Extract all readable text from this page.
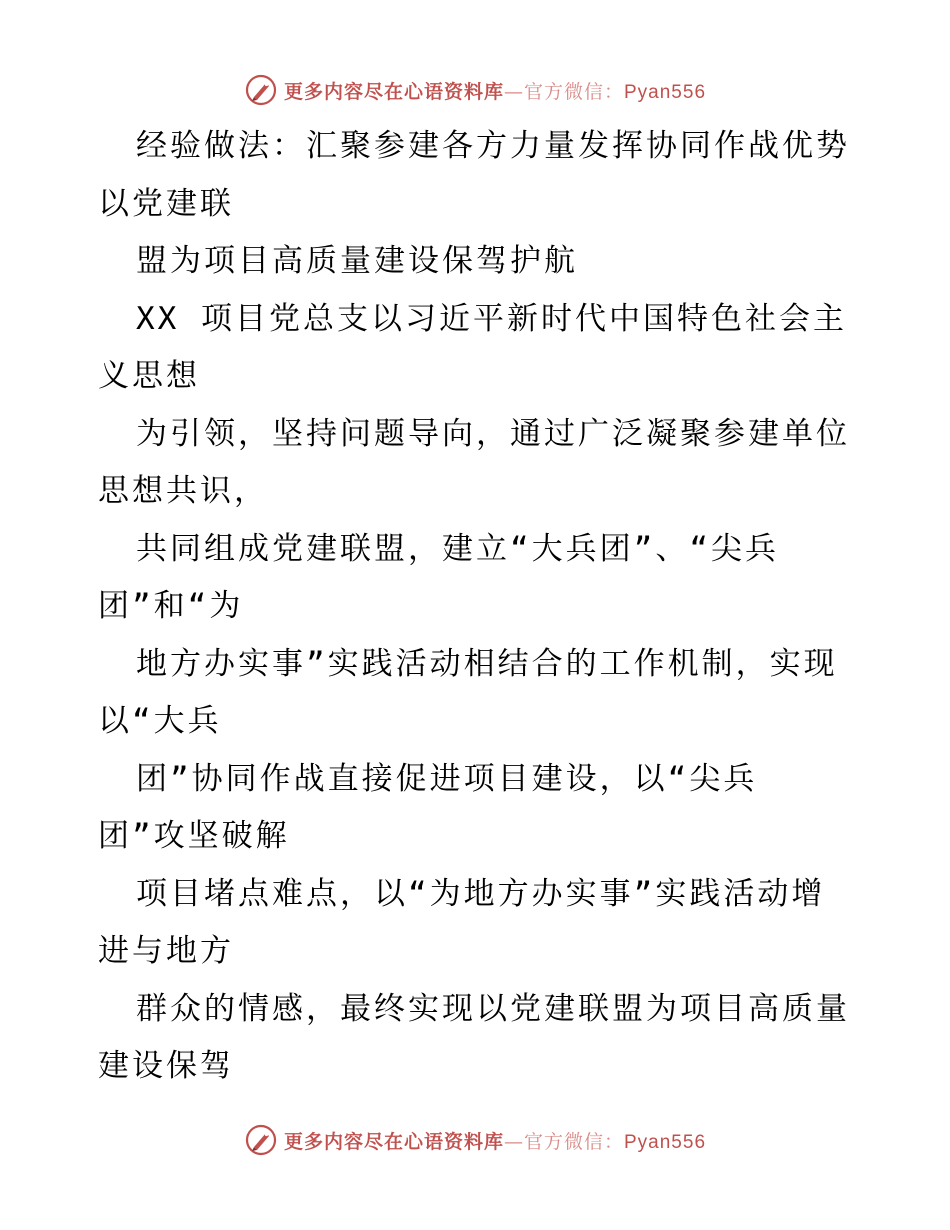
更多内容尽在心语资料库—官方微信：Pyan556
经验做法：汇聚参建各方力量发挥协同作战优势
以党建联
盟为项目高质量建设保驾护航
XX 项目党总支以习近平新时代中国特色社会主
义思想
为引领，坚持问题导向，通过广泛凝聚参建单位
思想共识，
共同组成党建联盟，建立“大兵团”、“尖兵
团”和“为
地方办实事”实践活动相结合的工作机制，实现
以“大兵
团”协同作战直接促进项目建设，以“尖兵
团”攻坚破解
项目堵点难点，以“为地方办实事”实践活动增
进与地方
群众的情感，最终实现以党建联盟为项目高质量
建设保驾
更多内容尽在心语资料库—官方微信：Pyan556
